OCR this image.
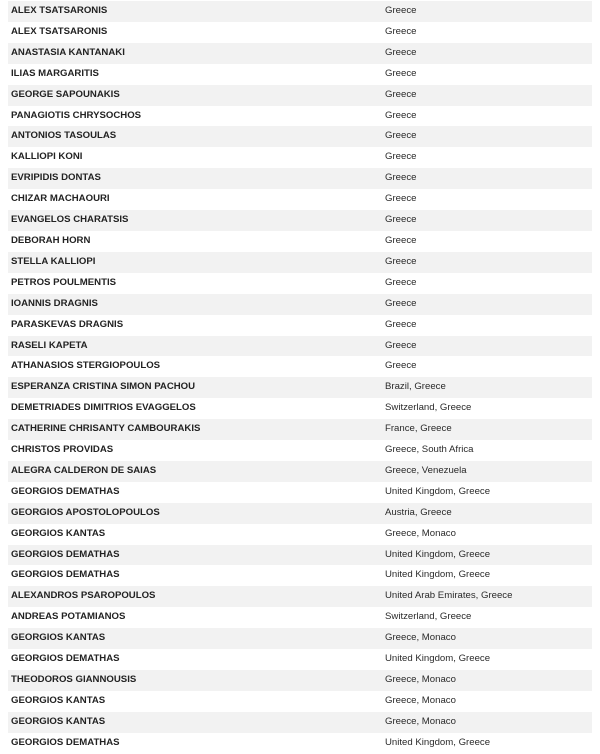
ALEX TSATSARONIS	Greece
ALEX TSATSARONIS	Greece
ANASTASIA KANTANAKI	Greece
ILIAS MARGARITIS	Greece
GEORGE SAPOUNAKIS	Greece
PANAGIOTIS CHRYSOCHOS	Greece
ANTONIOS TASOULAS	Greece
KALLIOPI KONI	Greece
EVRIPIDIS DONTAS	Greece
CHIZAR MACHAOURI	Greece
EVANGELOS CHARATSIS	Greece
DEBORAH HORN	Greece
STELLA KALLIOPI	Greece
PETROS POULMENTIS	Greece
IOANNIS DRAGNIS	Greece
PARASKEVAS DRAGNIS	Greece
RASELI KAPETA	Greece
ATHANASIOS STERGIOPOULOS	Greece
ESPERANZA CRISTINA SIMON PACHOU	Brazil, Greece
DEMETRIADES DIMITRIOS EVAGGELOS	Switzerland, Greece
CATHERINE CHRISANTY CAMBOURAKIS	France, Greece
CHRISTOS PROVIDAS	Greece, South Africa
ALEGRA CALDERON DE SAIAS	Greece, Venezuela
GEORGIOS DEMATHAS	United Kingdom, Greece
GEORGIOS APOSTOLOPOULOS	Austria, Greece
GEORGIOS KANTAS	Greece, Monaco
GEORGIOS DEMATHAS	United Kingdom, Greece
GEORGIOS DEMATHAS	United Kingdom, Greece
ALEXANDROS PSAROPOULOS	United Arab Emirates, Greece
ANDREAS POTAMIANOS	Switzerland, Greece
GEORGIOS KANTAS	Greece, Monaco
GEORGIOS DEMATHAS	United Kingdom, Greece
THEODOROS GIANNOUSIS	Greece, Monaco
GEORGIOS KANTAS	Greece, Monaco
GEORGIOS KANTAS	Greece, Monaco
GEORGIOS DEMATHAS	United Kingdom, Greece
